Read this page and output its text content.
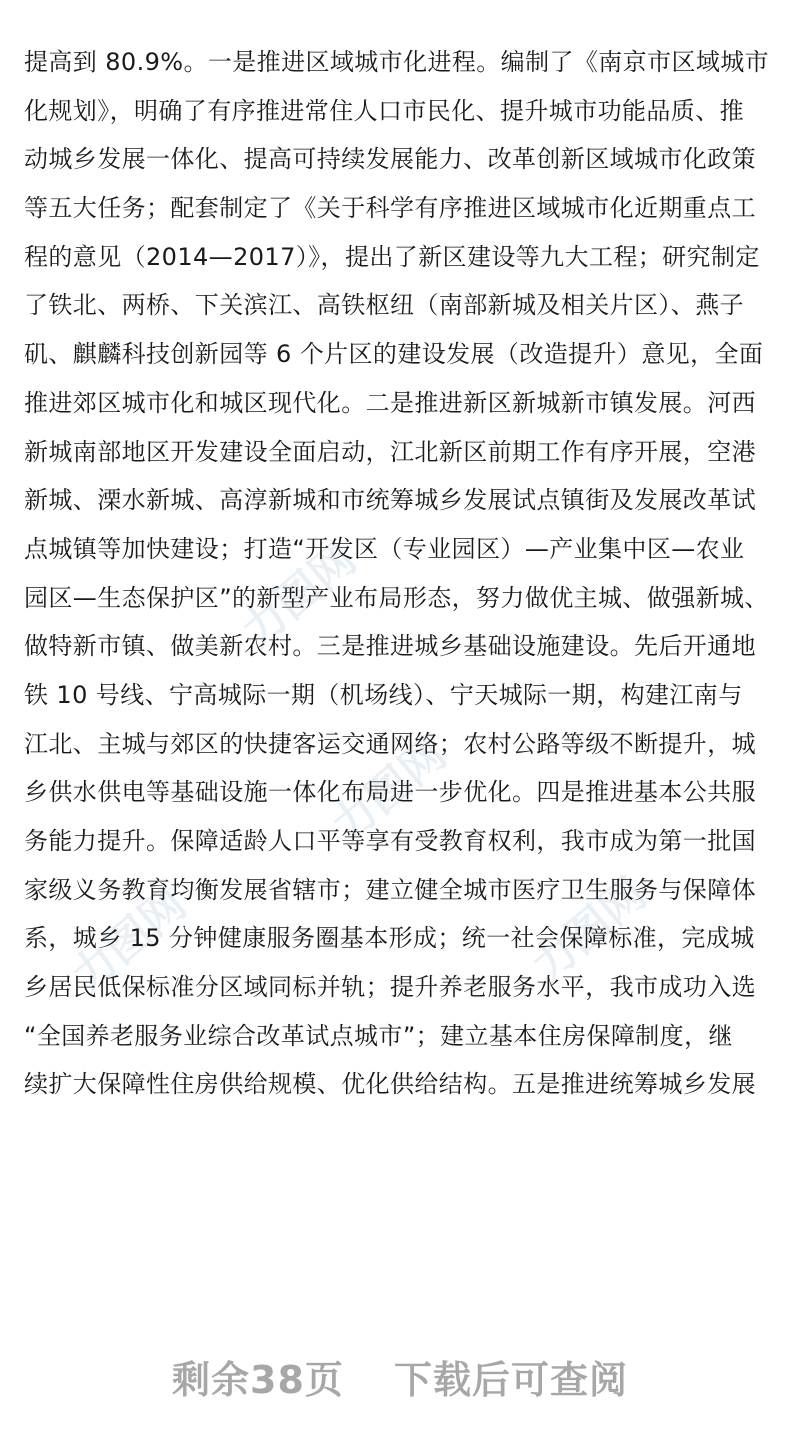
力图网
力图网
力图网	力图网
提高到 80.9%。一是推进区域城市化进程。编制了《南京市区域城市
化规划》，明确了有序推进常住人口市民化、提升城市功能品质、推
动城乡发展一体化、提高可持续发展能力、改革创新区域城市化政策
等五大任务；配套制定了《关于科学有序推进区域城市化近期重点工
程的意见（2014—2017）》，提出了新区建设等九大工程；研究制定
了铁北、两桥、下关滨江、高铁枢纽（南部新城及相关片区）、燕子
矶、麒麟科技创新园等 6 个片区的建设发展（改造提升）意见，全面
推进郊区城市化和城区现代化。二是推进新区新城新市镇发展。河西
新城南部地区开发建设全面启动，江北新区前期工作有序开展，空港
新城、溧水新城、高淳新城和市统筹城乡发展试点镇街及发展改革试
点城镇等加快建设；打造“开发区（专业园区）—产业集中区—农业
园区—生态保护区”的新型产业布局形态，努力做优主城、做强新城、
做特新市镇、做美新农村。三是推进城乡基础设施建设。先后开通地
铁 10 号线、宁高城际一期（机场线）、宁天城际一期，构建江南与
江北、主城与郊区的快捷客运交通网络；农村公路等级不断提升，城
乡供水供电等基础设施一体化布局进一步优化。四是推进基本公共服
务能力提升。保障适龄人口平等享有受教育权利，我市成为第一批国
家级义务教育均衡发展省辖市；建立健全城市医疗卫生服务与保障体
系，城乡 15 分钟健康服务圈基本形成；统一社会保障标准，完成城
乡居民低保标准分区域同标并轨；提升养老服务水平，我市成功入选
“全国养老服务业综合改革试点城市”；建立基本住房保障制度，继
续扩大保障性住房供给规模、优化供给结构。五是推进统筹城乡发展
剩余38页 下载后可查阅
